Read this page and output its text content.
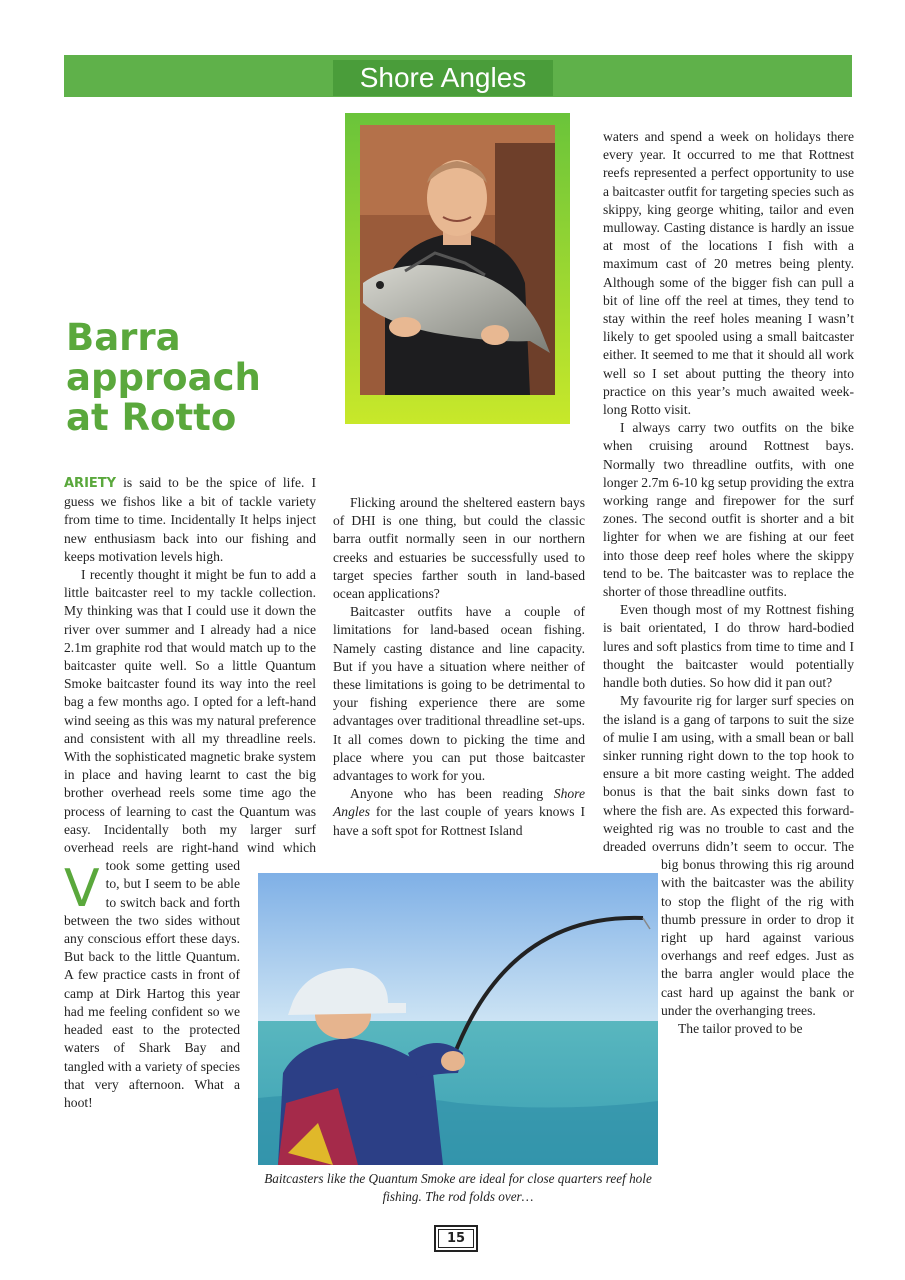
Shore Angles
Barra approach at Rotto

V
ARIETY is said to be the spice of life. I guess we fishos like a bit of tackle variety from time to time. Incidentally It helps inject new enthusiasm back into our fishing and keeps motivation levels high.

I recently thought it might be fun to add a little baitcaster reel to my tackle collection. My thinking was that I could use it down the river over summer and I already had a nice 2.1m graphite rod that would match up to the baitcaster quite well. So a little Quantum Smoke baitcaster found its way into the reel bag a few months ago. I opted for a left-hand wind seeing as this was my natural preference and consistent with all my threadline reels. With the sophisticated magnetic brake system in place and having learnt to cast the big brother overhead reels some time ago the process of learning to cast the Quantum was easy. Incidentally both my larger surf overhead reels are right-hand wind which took some getting used to, but I seem to be able to switch back and forth between the two sides without any conscious effort these days. But back to the little Quantum. A few practice casts in front of camp at Dirk Hartog this year had me feeling confident so we headed east to the protected waters of Shark Bay and tangled with a variety of species that very afternoon. What a hoot!

Flicking around the sheltered eastern bays of DHI is one thing, but could the classic barra outfit normally seen in our northern creeks and estuaries be successfully used to target species farther south in land-based ocean applications?

Baitcaster outfits have a couple of limitations for land-based ocean fishing. Namely casting distance and line capacity. But if you have a situation where neither of these limitations is going to be detrimental to your fishing experience there are some advantages over traditional threadline set-ups. It all comes down to picking the time and place where you can put those baitcaster advantages to work for you.

Anyone who has been reading Shore Angles for the last couple of years knows I have a soft spot for Rottnest Island

waters and spend a week on holidays there every year. It occurred to me that Rottnest reefs represented a perfect opportunity to use a baitcaster outfit for targeting species such as skippy, king george whiting, tailor and even mulloway. Casting distance is hardly an issue at most of the locations I fish with a maximum cast of 20 metres being plenty. Although some of the bigger fish can pull a bit of line off the reel at times, they tend to stay within the reef holes meaning I wasn’t likely to get spooled using a small baitcaster either. It seemed to me that it should all work well so I set about putting the theory into practice on this year’s much awaited week-long Rotto visit.

I always carry two outfits on the bike when cruising around Rottnest bays. Normally two threadline outfits, with one longer 2.7m 6-10 kg setup providing the extra working range and firepower for the surf zones. The second outfit is shorter and a bit lighter for when we are fishing at our feet into those deep reef holes where the skippy tend to be. The baitcaster was to replace the shorter of those threadline outfits.

Even though most of my Rottnest fishing is bait orientated, I do throw hard-bodied lures and soft plastics from time to time and I thought the baitcaster would potentially handle both duties. So how did it pan out?

My favourite rig for larger surf species on the island is a gang of tarpons to suit the size of mulie I am using, with a small bean or ball sinker running right down to the top hook to ensure a bit more casting weight. The added bonus is that the bait sinks down fast to where the fish are. As expected this forward-weighted rig was no trouble to cast and the dreaded overruns didn’t seem to occur. The big bonus throwing this rig around with the baitcaster was the ability to stop the flight of the rig with thumb pressure in order to drop it right up hard against various overhangs and reef edges. Just as the barra angler would place the cast hard up against the bank or under the overhanging trees.

The tailor proved to be

Baitcasters like the Quantum Smoke are ideal for close quarters reef hole fishing. The rod folds over…
15
